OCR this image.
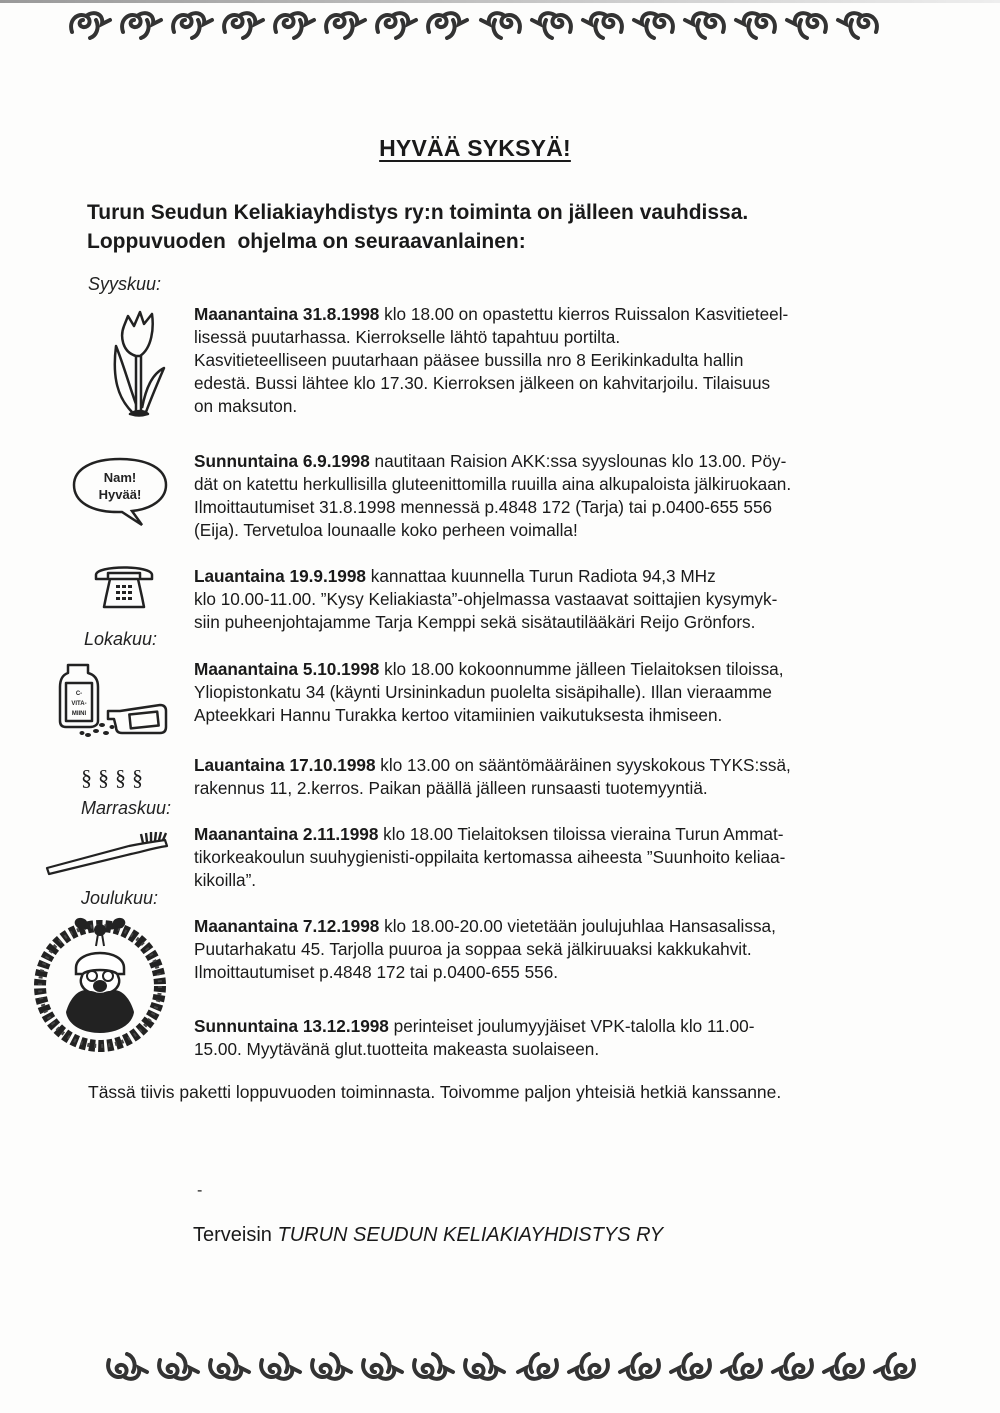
HYVÄÄ SYKSYÄ!
Turun Seudun Keliakiayhdistys ry:n toiminta on jälleen vauhdissa.
Loppuvuoden  ohjelma on seuraavanlainen:
Syyskuu:
Lokakuu:
Marraskuu:
Joulukuu:
Nam!
Hyvää!
C-
VITA-
MIINI
§§§§
Maanantaina 31.8.1998 klo 18.00 on opastettu kierros Ruissalon Kasvitieteel-
lisessä puutarhassa. Kierrokselle lähtö tapahtuu portilta.
Kasvitieteelliseen puutarhaan pääsee bussilla nro 8 Eerikinkadulta hallin
edestä. Bussi lähtee klo 17.30. Kierroksen jälkeen on kahvitarjoilu. Tilaisuus
on maksuton.
Sunnuntaina 6.9.1998 nautitaan Raision AKK:ssa syyslounas klo 13.00. Pöy-
dät on katettu herkullisilla gluteenittomilla ruuilla aina alkupaloista jälkiruokaan.
Ilmoittautumiset 31.8.1998 mennessä p.4848 172 (Tarja) tai p.0400-655 556
(Eija). Tervetuloa lounaalle koko perheen voimalla!
Lauantaina 19.9.1998 kannattaa kuunnella Turun Radiota 94,3 MHz
klo 10.00-11.00. ”Kysy Keliakiasta”-ohjelmassa vastaavat soittajien kysymyk-
siin puheenjohtajamme Tarja Kemppi sekä sisätautilääkäri Reijo Grönfors.
Maanantaina 5.10.1998 klo 18.00 kokoonnumme jälleen Tielaitoksen tiloissa,
Yliopistonkatu 34 (käynti Ursininkadun puolelta sisäpihalle). Illan vieraamme
Apteekkari Hannu Turakka kertoo vitamiinien vaikutuksesta ihmiseen.
Lauantaina 17.10.1998 klo 13.00 on sääntömääräinen syyskokous TYKS:ssä,
rakennus 11, 2.kerros. Paikan päällä jälleen runsaasti tuotemyyntiä.
Maanantaina 2.11.1998 klo 18.00 Tielaitoksen tiloissa vieraina Turun Ammat-
tikorkeakoulun suuhygienisti-oppilaita kertomassa aiheesta ”Suunhoito keliaa-
kikoilla”.
Maanantaina 7.12.1998 klo 18.00-20.00 vietetään joulujuhlaa Hansasalissa,
Puutarhakatu 45. Tarjolla puuroa ja soppaa sekä jälkiruuaksi kakkukahvit.
Ilmoittautumiset p.4848 172 tai p.0400-655 556.
Sunnuntaina 13.12.1998 perinteiset joulumyyjäiset VPK-talolla klo 11.00-
15.00. Myytävänä glut.tuotteita makeasta suolaiseen.
Tässä tiivis paketti loppuvuoden toiminnasta. Toivomme paljon yhteisiä hetkiä kanssanne.
-
Terveisin TURUN SEUDUN KELIAKIAYHDISTYS RY
